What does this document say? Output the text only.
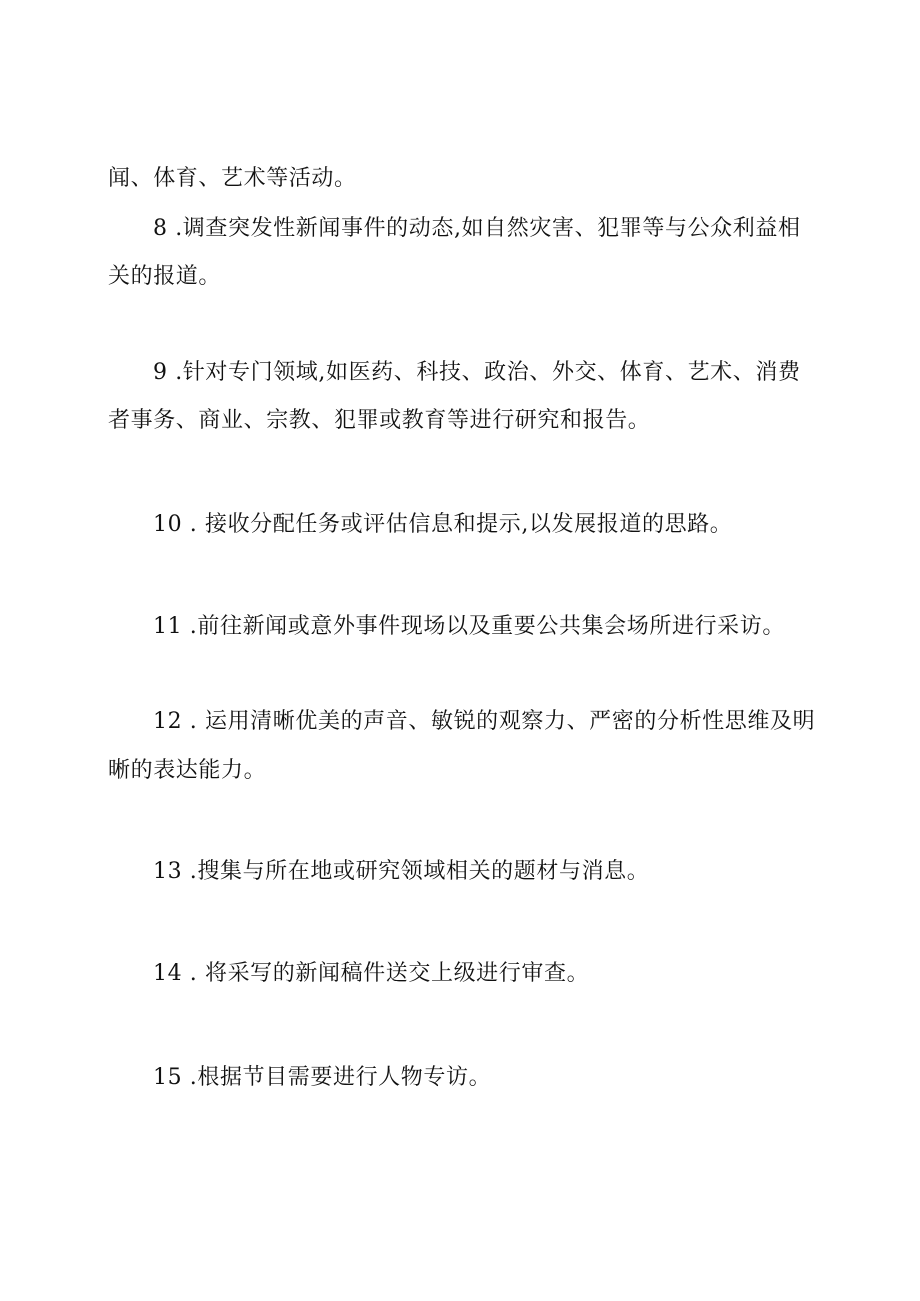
闻、体育、艺术等活动。
8 .调查突发性新闻事件的动态,如自然灾害、犯罪等与公众利益相
关的报道。
9 .针对专门领域,如医药、科技、政治、外交、体育、艺术、消费
者事务、商业、宗教、犯罪或教育等进行研究和报告。
10 . 接收分配任务或评估信息和提示,以发展报道的思路。
11 .前往新闻或意外事件现场以及重要公共集会场所进行采访。
12 . 运用清晰优美的声音、敏锐的观察力、严密的分析性思维及明
晰的表达能力。
13 .搜集与所在地或研究领域相关的题材与消息。
14 . 将采写的新闻稿件送交上级进行审查。
15 .根据节目需要进行人物专访。
